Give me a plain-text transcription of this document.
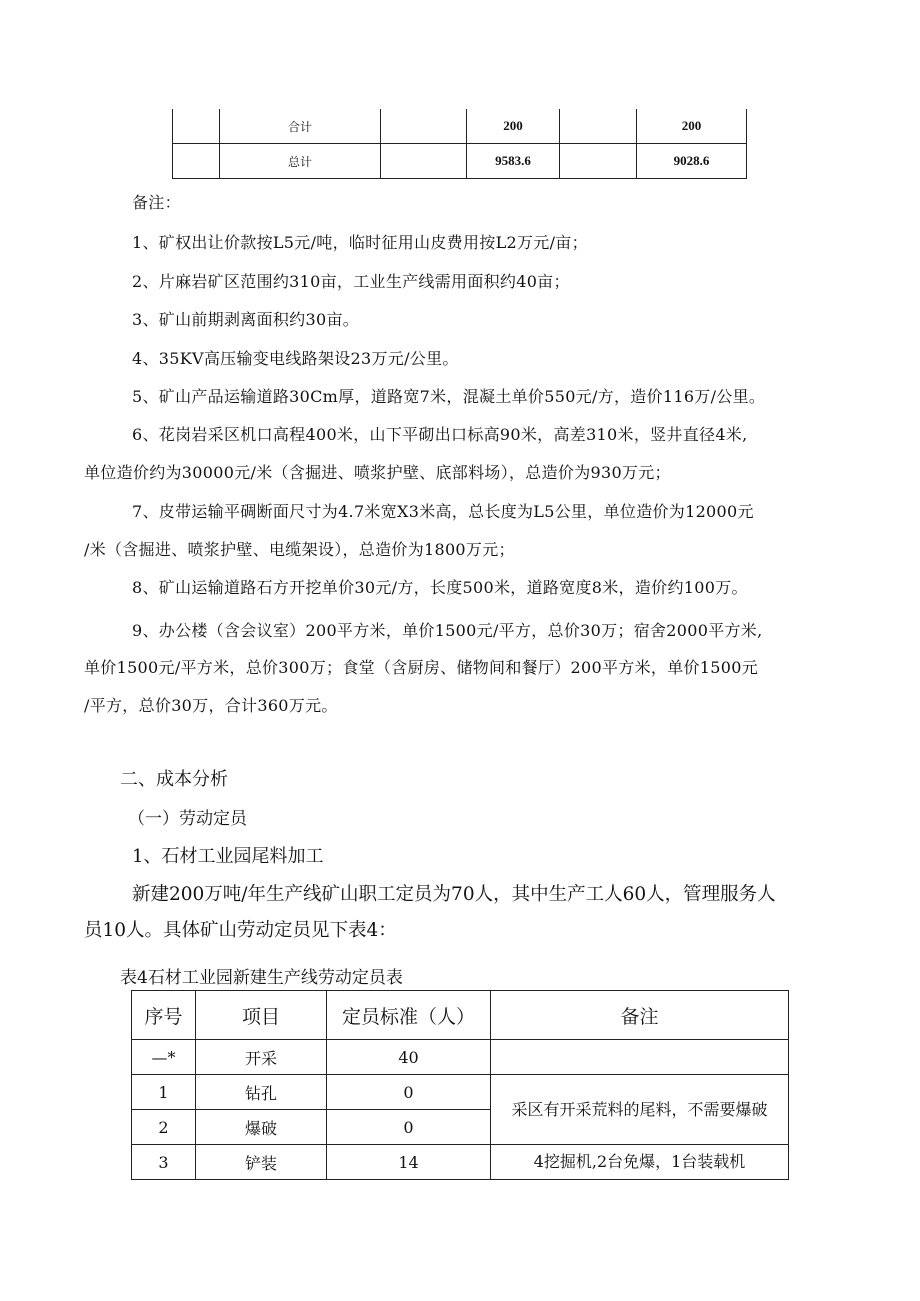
	合计		200		200
	总计		9583.6		9028.6
备注：
1、矿权出让价款按L5元/吨，临时征用山皮费用按L2万元/亩；
2、片麻岩矿区范围约310亩，工业生产线需用面积约40亩；
3、矿山前期剥离面积约30亩。
4、35KV高压输变电线路架设23万元/公里。
5、矿山产品运输道路30Cm厚，道路宽7米，混凝土单价550元/方，造价116万/公里。
6、花岗岩采区机口高程400米，山下平砌出口标高90米，高差310米，竖井直径4米,
单位造价约为30000元/米（含掘进、喷浆护壁、底部料场），总造价为930万元；
7、皮带运输平碉断面尺寸为4.7米宽X3米高，总长度为L5公里，单位造价为12000元
/米（含掘进、喷浆护壁、电缆架设），总造价为1800万元；
8、矿山运输道路石方开挖单价30元/方，长度500米，道路宽度8米，造价约100万。
9、办公楼（含会议室）200平方米，单价1500元/平方，总价30万；宿舍2000平方米,
单价1500元/平方米，总价300万；食堂（含厨房、储物间和餐厅）200平方米，单价1500元
/平方，总价30万，合计360万元。
二、成本分析
（一）劳动定员
1、石材工业园尾料加工
新建200万吨/年生产线矿山职工定员为70人，其中生产工人60人，管理服务人
员10人。具体矿山劳动定员见下表4：
表4石材工业园新建生产线劳动定员表
序号	项目	定员标准（人）	备注
—*	开采	40	
1	钻孔	0	采区有开采荒料的尾料，不需要爆破
2	爆破	0	
3	铲装	14	4挖掘机,2台免爆，1台装载机
